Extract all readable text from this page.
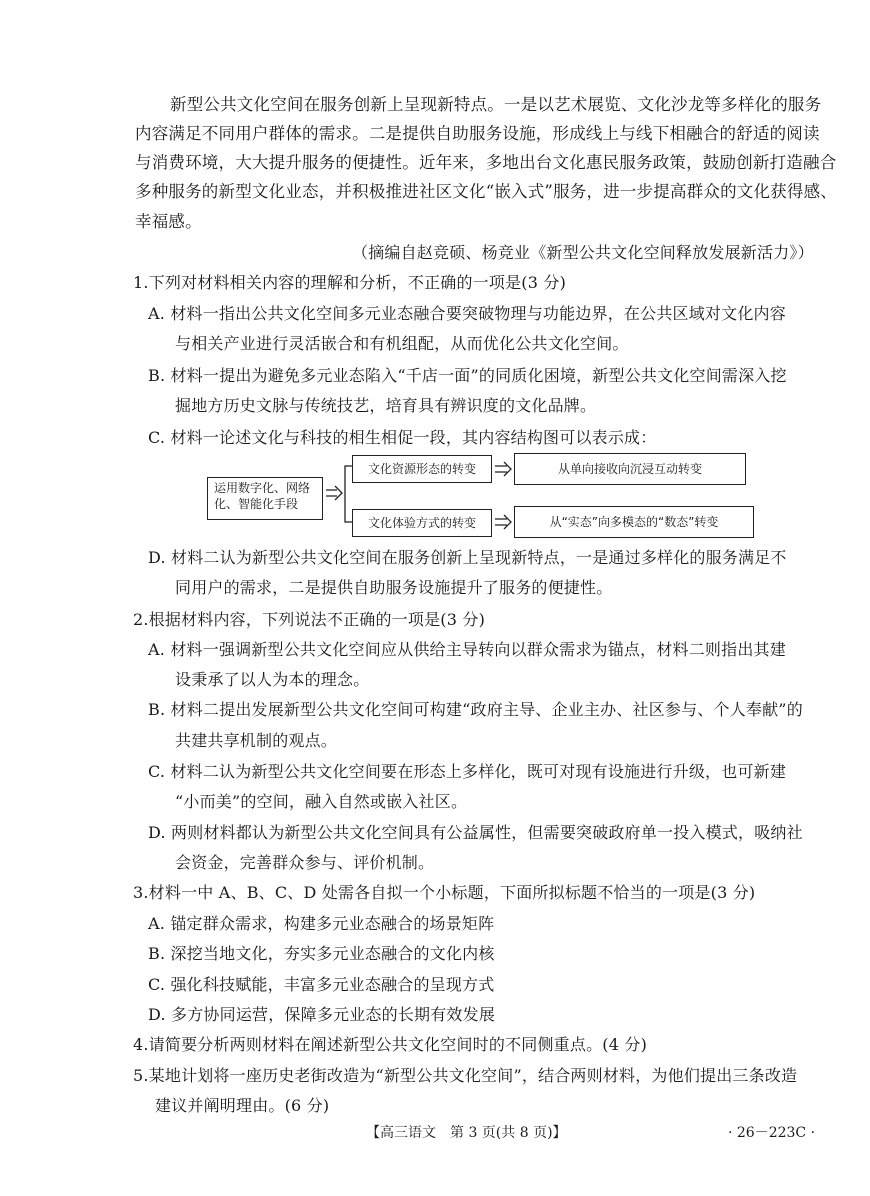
新型公共文化空间在服务创新上呈现新特点。一是以艺术展览、文化沙龙等多样化的服务
内容满足不同用户群体的需求。二是提供自助服务设施，形成线上与线下相融合的舒适的阅读
与消费环境，大大提升服务的便捷性。近年来，多地出台文化惠民服务政策，鼓励创新打造融合
多种服务的新型文化业态，并积极推进社区文化“嵌入式”服务，进一步提高群众的文化获得感、
幸福感。
（摘编自赵竞硕、杨竞业《新型公共文化空间释放发展新活力》）
1.下列对材料相关内容的理解和分析，不正确的一项是(3 分)
A. 材料一指出公共文化空间多元业态融合要突破物理与功能边界，在公共区域对文化内容
与相关产业进行灵活嵌合和有机组配，从而优化公共文化空间。
B. 材料一提出为避免多元业态陷入“千店一面”的同质化困境，新型公共文化空间需深入挖
掘地方历史文脉与传统技艺，培育具有辨识度的文化品牌。
C. 材料一论述文化与科技的相生相促一段，其内容结构图可以表示成：
运用数字化、网络
化、智能化手段
文化资源形态的转变	从单向接收向沉浸互动转变
文化体验方式的转变	从“实态”向多模态的“数态”转变
D. 材料二认为新型公共文化空间在服务创新上呈现新特点，一是通过多样化的服务满足不
同用户的需求，二是提供自助服务设施提升了服务的便捷性。
2.根据材料内容，下列说法不正确的一项是(3 分)
A. 材料一强调新型公共文化空间应从供给主导转向以群众需求为锚点，材料二则指出其建
设秉承了以人为本的理念。
B. 材料二提出发展新型公共文化空间可构建“政府主导、企业主办、社区参与、个人奉献”的
共建共享机制的观点。
C. 材料二认为新型公共文化空间要在形态上多样化，既可对现有设施进行升级，也可新建
“小而美”的空间，融入自然或嵌入社区。
D. 两则材料都认为新型公共文化空间具有公益属性，但需要突破政府单一投入模式，吸纳社
会资金，完善群众参与、评价机制。
3.材料一中 A、B、C、D 处需各自拟一个小标题，下面所拟标题不恰当的一项是(3 分)
A. 锚定群众需求，构建多元业态融合的场景矩阵
B. 深挖当地文化，夯实多元业态融合的文化内核
C. 强化科技赋能，丰富多元业态融合的呈现方式
D. 多方协同运营，保障多元业态的长期有效发展
4.请简要分析两则材料在阐述新型公共文化空间时的不同侧重点。(4 分)
5.某地计划将一座历史老街改造为“新型公共文化空间”，结合两则材料，为他们提出三条改造
建议并阐明理由。(6 分)
【高三语文　第 3 页(共 8 页)】	· 26－223C ·
